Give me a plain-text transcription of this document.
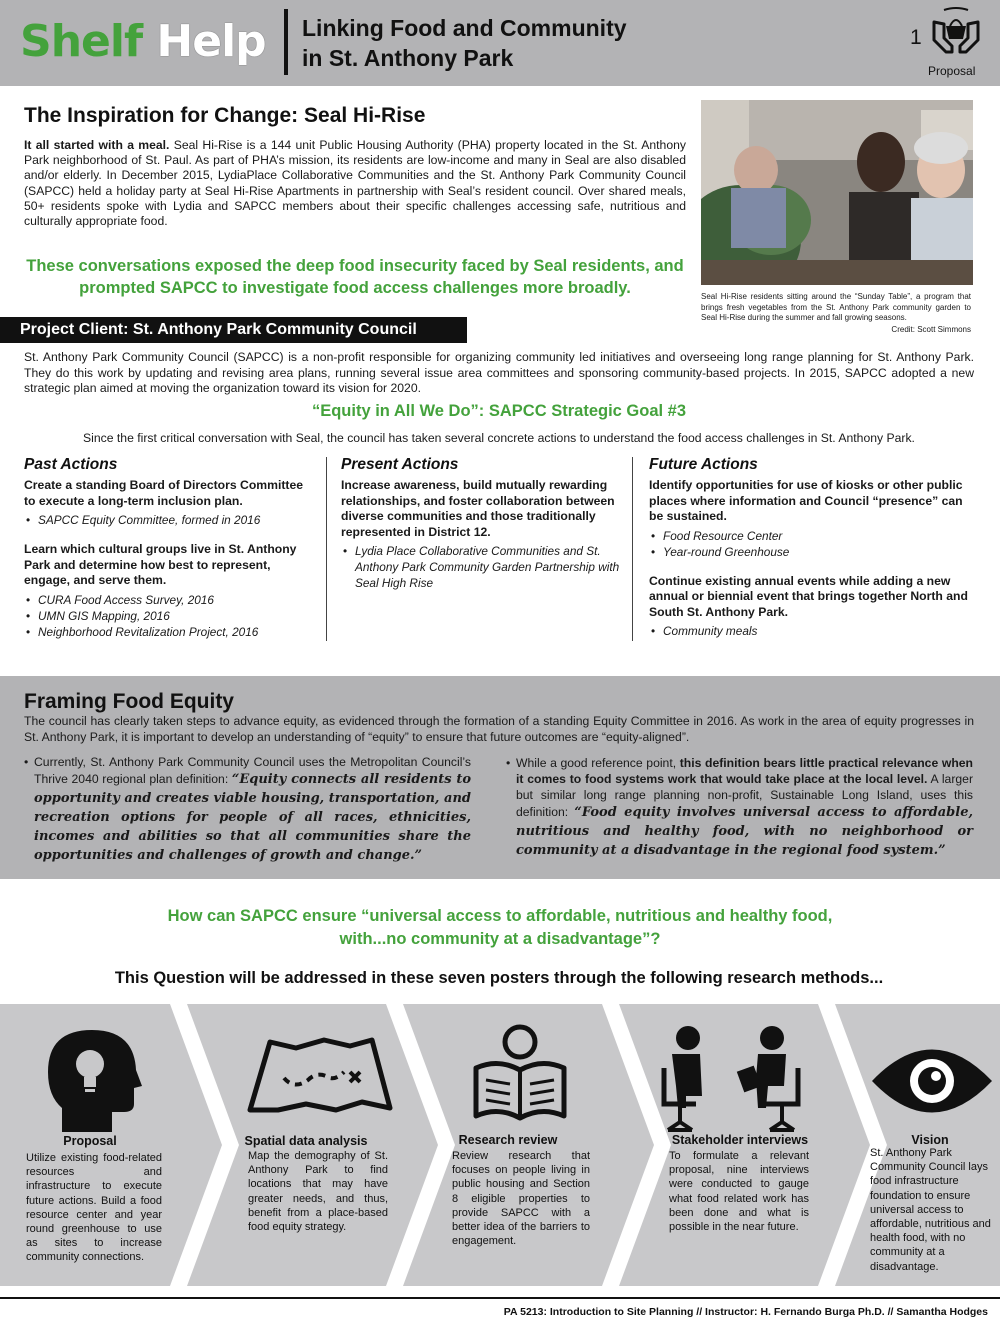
Shelf Help Linking Food and Community
in St. Anthony Park
1
Proposal
The Inspiration for Change: Seal Hi-Rise
It all started with a meal. Seal Hi-Rise is a 144 unit Public Housing Authority (PHA) property located in the St. Anthony Park neighborhood of St. Paul. As part of PHA’s mission, its residents are low-income and many in Seal are also disabled and/or elderly. In December 2015, LydiaPlace Collaborative Communities and the St. Anthony Park Community Council (SAPCC) held a holiday party at Seal Hi-Rise Apartments in partnership with Seal’s resident council. Over shared meals, 50+ residents spoke with Lydia and SAPCC members about their specific challenges accessing safe, nutritious and culturally appropriate food.
These conversations exposed the deep food insecurity faced by Seal residents, and prompted SAPCC to investigate food access challenges more broadly.	Seal Hi-Rise residents sitting around the “Sunday Table”, a program that brings fresh vegetables from the St. Anthony Park community garden to Seal Hi-Rise during the summer and fall growing seasons.
Credit: Scott Simmons
Project Client: St. Anthony Park Community Council
St. Anthony Park Community Council (SAPCC) is a non-profit responsible for organizing community led initiatives and overseeing long range planning for St. Anthony Park. They do this work by updating and revising area plans, running several issue area committees and sponsoring community-based projects. In 2015, SAPCC adopted a new strategic plan aimed at moving the organization toward its vision for 2020.
“Equity in All We Do”: SAPCC Strategic Goal #3
Since the first critical conversation with Seal, the council has taken several concrete actions to understand the food access challenges in St. Anthony Park.
Past Actions
Create a standing Board of Directors Committee to execute a long-term inclusion plan.
• SAPCC Equity Committee, formed in 2016
Learn which cultural groups live in St. Anthony Park and determine how best to represent, engage, and serve them.
• CURA Food Access Survey, 2016
• UMN GIS Mapping, 2016
• Neighborhood Revitalization Project, 2016
Present Actions
Increase awareness, build mutually rewarding relationships, and foster collaboration between diverse communities and those traditionally represented in District 12.
• Lydia Place Collaborative Communities and St. Anthony Park Community Garden Partnership with Seal High Rise
Future Actions
Identify opportunities for use of kiosks or other public places where information and Council “presence” can be sustained.
• Food Resource Center
• Year-round Greenhouse
Continue existing annual events while adding a new annual or biennial event that brings together North and South St. Anthony Park.
• Community meals
Framing Food Equity
The council has clearly taken steps to advance equity, as evidenced through the formation of a standing Equity Committee in 2016. As work in the area of equity progresses in St. Anthony Park, it is important to develop an understanding of “equity” to ensure that future outcomes are “equity-aligned”.
• Currently, St. Anthony Park Community Council uses the Metropolitan Council’s Thrive 2040 regional plan definition: “Equity connects all residents to opportunity and creates viable housing, transportation, and recreation options for people of all races, ethnicities, incomes and abilities so that all communities share the opportunities and challenges of growth and change.”
• While a good reference point, this definition bears little practical relevance when it comes to food systems work that would take place at the local level. A larger but similar long range planning non-profit, Sustainable Long Island, uses this definition: “Food equity involves universal access to affordable, nutritious and healthy food, with no neighborhood or community at a disadvantage in the regional food system.”
How can SAPCC ensure “universal access to affordable, nutritious and healthy food, with...no community at a disadvantage”?
This Question will be addressed in these seven posters through the following research methods...
Proposal
Utilize existing food-related resources and infrastructure to execute future actions. Build a food resource center and year round greenhouse to use as sites to increase community connections.
Spatial data analysis
Map the demography of St. Anthony Park to find locations that may have greater needs, and thus, benefit from a place-based food equity strategy.
Research review
Review research that focuses on people living in public housing and Section 8 eligible properties to provide SAPCC with a better idea of the barriers to engagement.
Stakeholder interviews
To formulate a relevant proposal, nine interviews were conducted to gauge what food related work has been done and what is possible in the near future.
Vision
St. Anthony Park Community Council lays food infrastructure foundation to ensure universal access to affordable, nutritious and health food, with no community at a disadvantage.
PA 5213: Introduction to Site Planning // Instructor: H. Fernando Burga Ph.D. // Samantha Hodges
